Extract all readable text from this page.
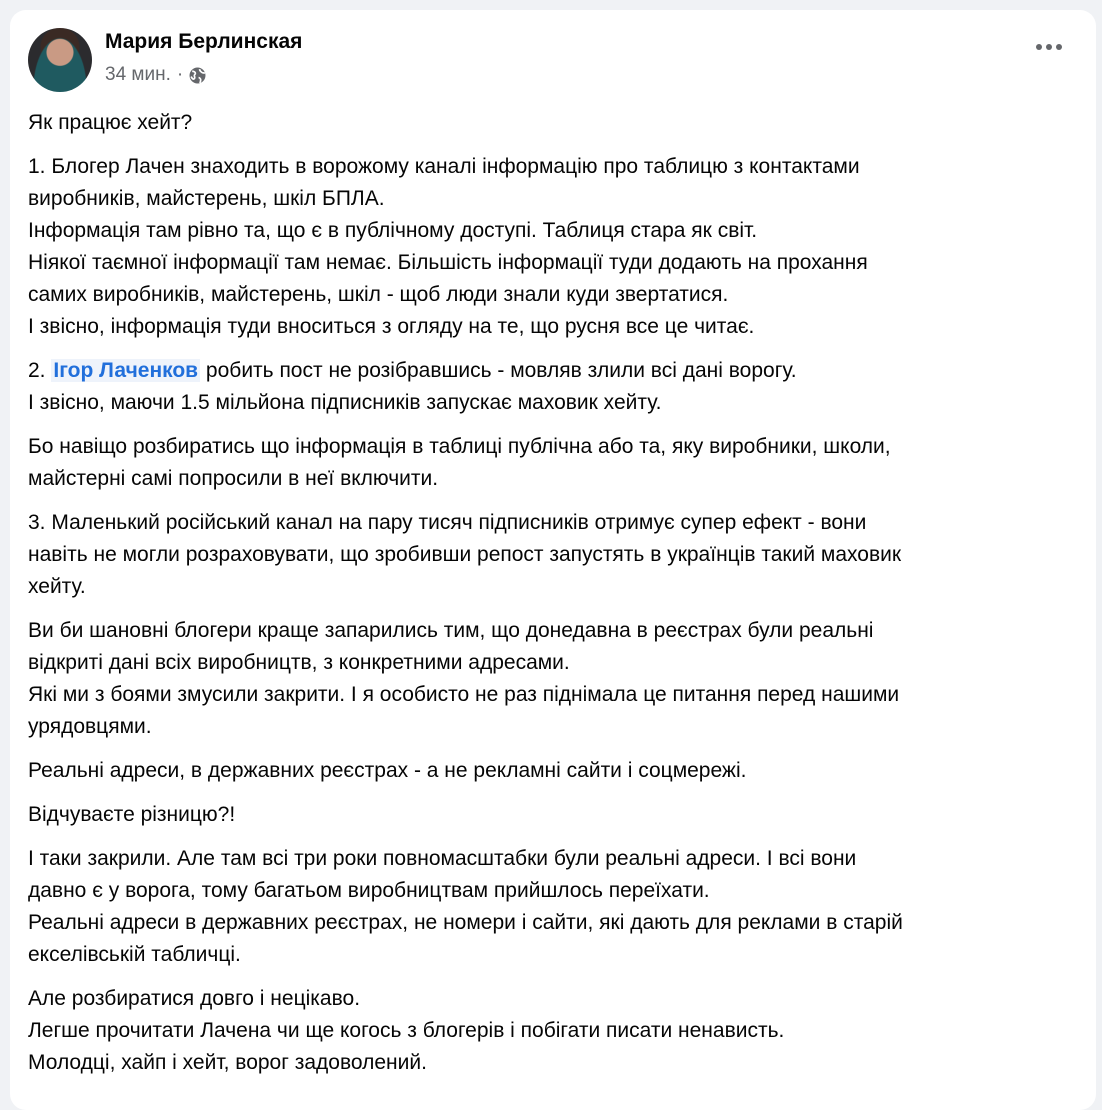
Мария Берлинская
34 мин. ·
Як працює хейт?
1. Блогер Лачен знаходить в ворожому каналі інформацію про таблицю з контактами
виробників, майстерень, шкіл БПЛА.
Інформація там рівно та, що є в публічному доступі. Таблиця стара як світ.
Ніякої таємної інформації там немає. Більшість інформації туди додають на прохання
самих виробників, майстерень, шкіл - щоб люди знали куди звертатися.
І звісно, інформація туди вноситься з огляду на те, що русня все це читає.
2. Ігор Лаченков робить пост не розібравшись - мовляв злили всі дані ворогу.
І звісно, маючи 1.5 мільйона підписників запускає маховик хейту.
Бо навіщо розбиратись що інформація в таблиці публічна або та, яку виробники, школи,
майстерні самі попросили в неї включити.
3. Маленький російський канал на пару тисяч підписників отримує супер ефект - вони
навіть не могли розраховувати, що зробивши репост запустять в українців такий маховик
хейту.
Ви би шановні блогери краще запарились тим, що донедавна в реєстрах були реальні
відкриті дані всіх виробництв, з конкретними адресами.
Які ми з боями змусили закрити. І я особисто не раз піднімала це питання перед нашими
урядовцями.
Реальні адреси, в державних реєстрах - а не рекламні сайти і соцмережі.
Відчуваєте різницю?!
І таки закрили. Але там всі три роки повномасштабки були реальні адреси. І всі вони
давно є у ворога, тому багатьом виробництвам прийшлось переїхати.
Реальні адреси в державних реєстрах, не номери і сайти, які дають для реклами в старій
екселівській табличці.
Але розбиратися довго і нецікаво.
Легше прочитати Лачена чи ще когось з блогерів і побігати писати ненависть.
Молодці, хайп і хейт, ворог задоволений.
